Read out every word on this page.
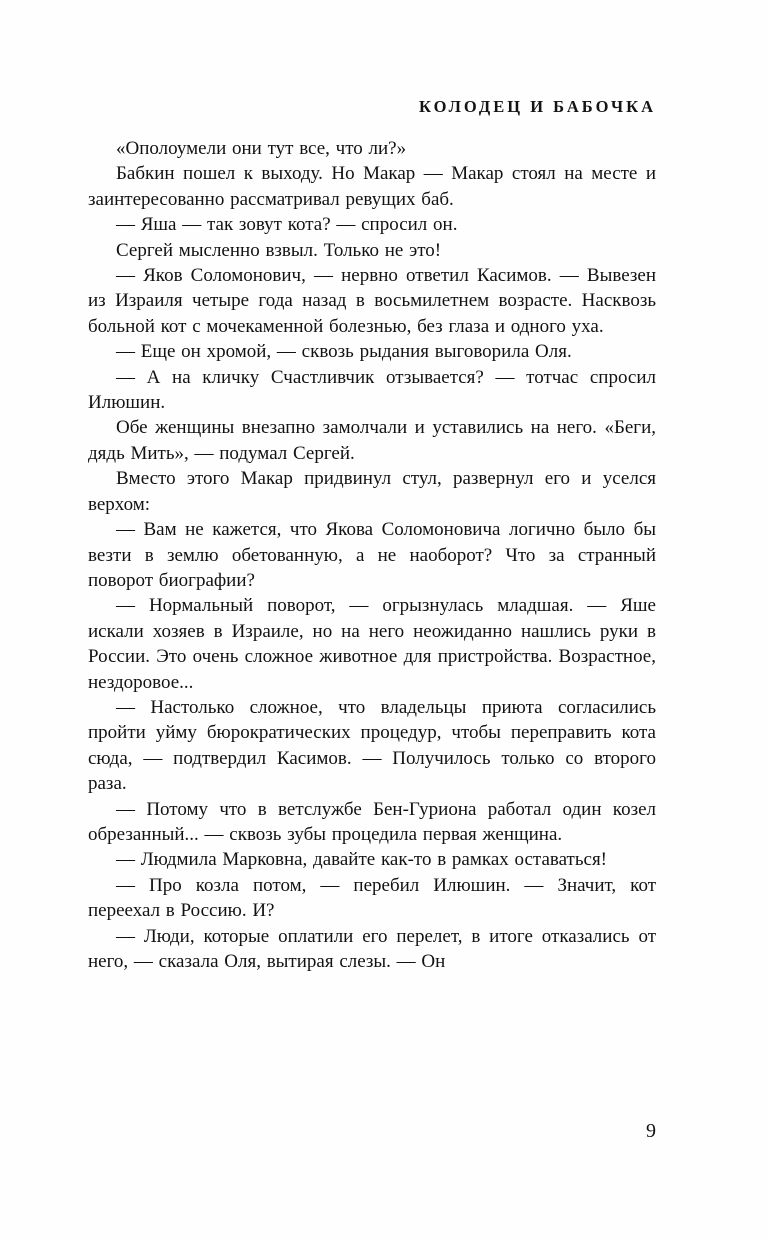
КОЛОДЕЦ И БАБОЧКА

«Ополоумели они тут все, что ли?»

Бабкин пошел к выходу. Но Макар — Макар стоял на месте и заинтересованно рассматривал ревущих баб.

— Яша — так зовут кота? — спросил он.

Сергей мысленно взвыл. Только не это!

— Яков Соломонович, — нервно ответил Касимов. — Вывезен из Израиля четыре года назад в восьмилетнем возрасте. Насквозь больной кот с мочекаменной болезнью, без глаза и одного уха.

— Еще он хромой, — сквозь рыдания выговорила Оля.

— А на кличку Счастливчик отзывается? — тотчас спросил Илюшин.

Обе женщины внезапно замолчали и уставились на него. «Беги, дядь Мить», — подумал Сергей.

Вместо этого Макар придвинул стул, развернул его и уселся верхом:

— Вам не кажется, что Якова Соломоновича логично было бы везти в землю обетованную, а не наоборот? Что за странный поворот биографии?

— Нормальный поворот, — огрызнулась младшая. — Яше искали хозяев в Израиле, но на него неожиданно нашлись руки в России. Это очень сложное животное для пристройства. Возрастное, нездоровое...

— Настолько сложное, что владельцы приюта согласились пройти уйму бюрократических процедур, чтобы переправить кота сюда, — подтвердил Касимов. — Получилось только со второго раза.

— Потому что в ветслужбе Бен-Гуриона работал один козел обрезанный... — сквозь зубы процедила первая женщина.

— Людмила Марковна, давайте как-то в рамках оставаться!

— Про козла потом, — перебил Илюшин. — Значит, кот переехал в Россию. И?

— Люди, которые оплатили его перелет, в итоге отказались от него, — сказала Оля, вытирая слезы. — Он

9
